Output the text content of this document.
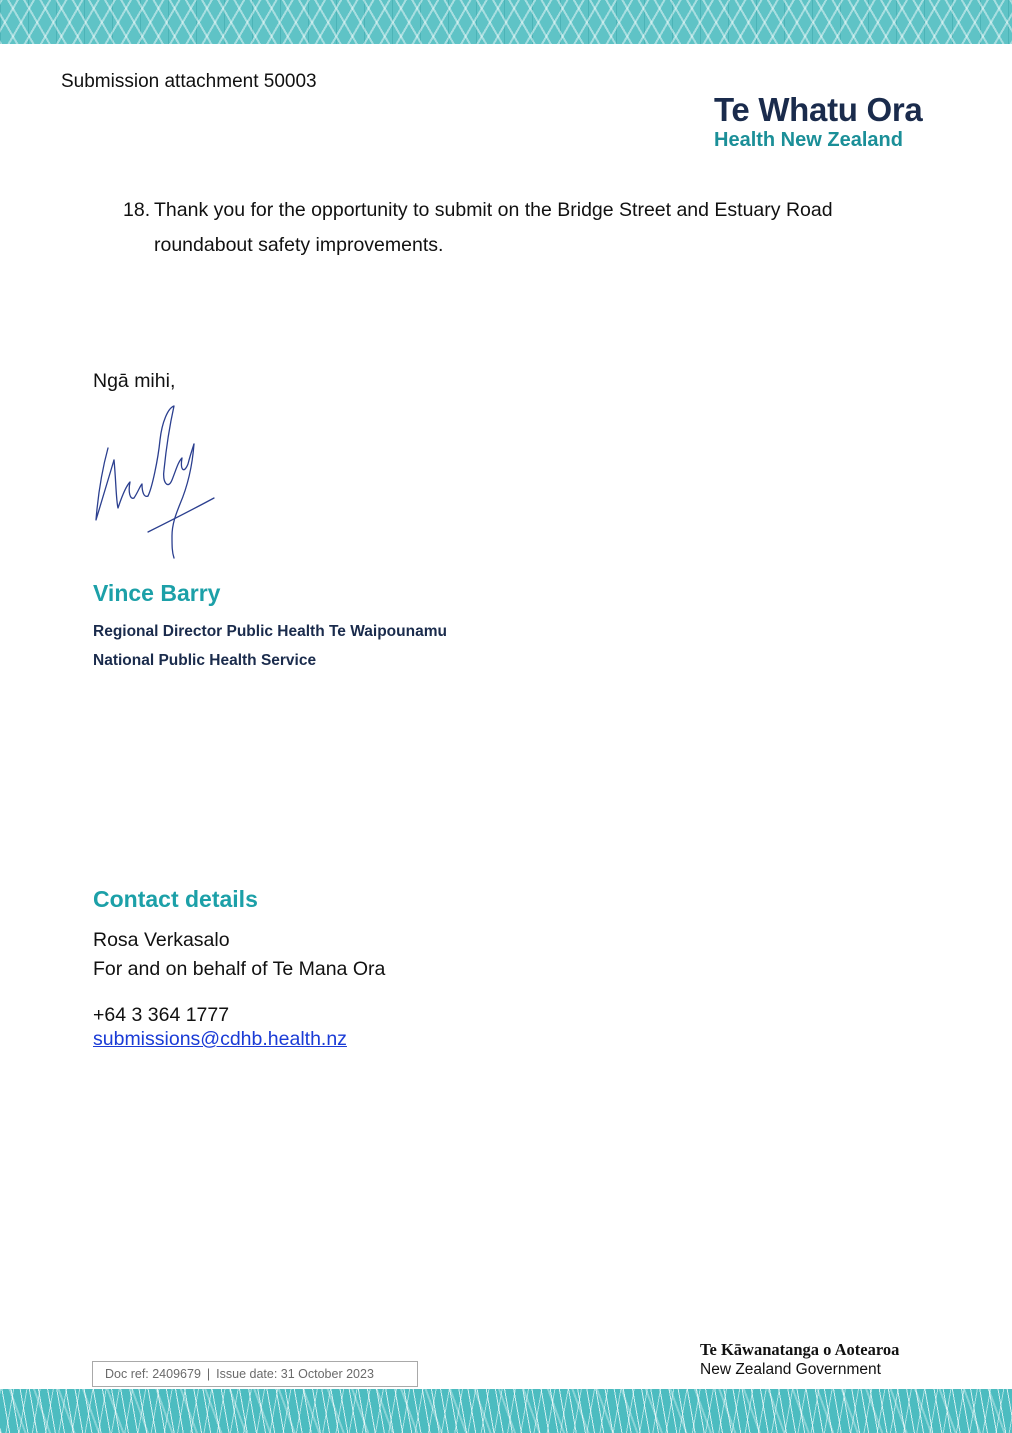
Submission attachment 50003
Te Whatu Ora
Health New Zealand
18. Thank you for the opportunity to submit on the Bridge Street and Estuary Road roundabout safety improvements.
Ngā mihi,
Vince Barry
Regional Director Public Health Te Waipounamu
National Public Health Service
Contact details
Rosa Verkasalo
For and on behalf of Te Mana Ora
+64 3 364 1777
submissions@cdhb.health.nz
Doc ref: 2409679 | Issue date: 31 October 2023
Te Kāwanatanga o Aotearoa
New Zealand Government
